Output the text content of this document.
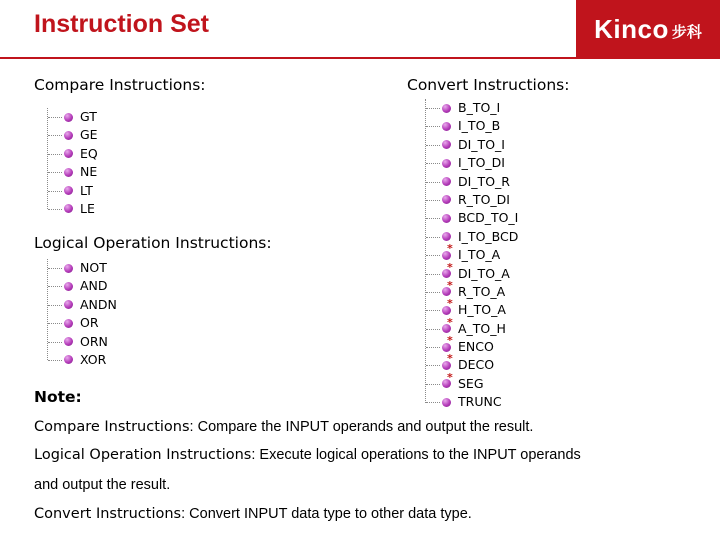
Instruction Set	Kinco 步科
Compare Instructions:
GT
GE
EQ
NE
LT
LE
Logical Operation Instructions:
NOT
AND
ANDN
OR
ORN
XOR
Convert Instructions:
B_TO_I
I_TO_B
DI_TO_I
I_TO_DI
DI_TO_R
R_TO_DI
BCD_TO_I
I_TO_BCD
* I_TO_A
* DI_TO_A
* R_TO_A
* H_TO_A
* A_TO_H
* ENCO
* DECO
* SEG
TRUNC
Note:
Compare Instructions: Compare the INPUT operands and output the result.
Logical Operation Instructions: Execute logical operations to the INPUT operands
and output the result.
Convert Instructions: Convert INPUT data type to other data type.
